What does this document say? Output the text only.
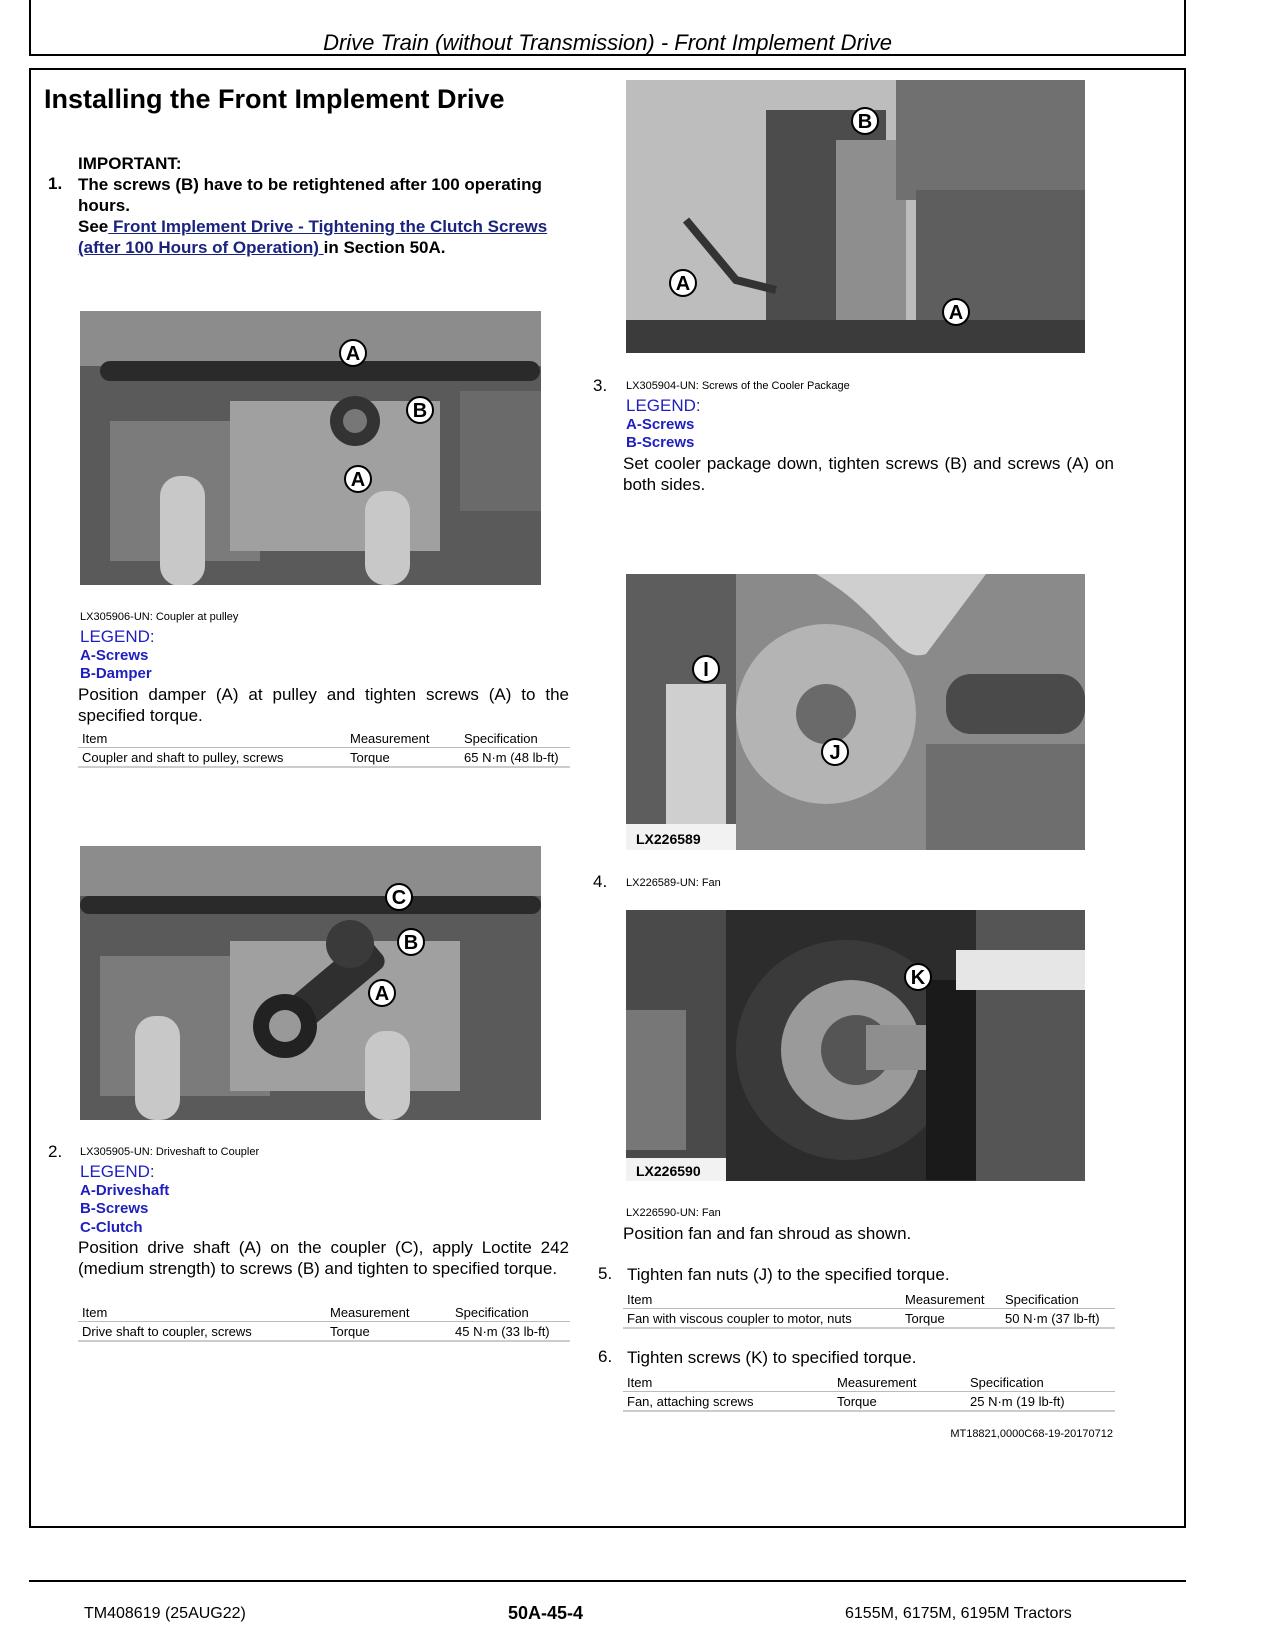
Drive Train (without Transmission) - Front Implement Drive
Installing the Front Implement Drive
IMPORTANT:
1. The screws (B) have to be retightened after 100 operating hours.
See Front Implement Drive - Tightening the Clutch Screws (after 100 Hours of Operation) in Section 50A.
A
B
A
LX305906-UN: Coupler at pulley
LEGEND:
A-Screws
B-Damper
Position damper (A) at pulley and tighten screws (A) to the specified torque.
Item	Measurement	Specification
Coupler and shaft to pulley, screws	Torque	65 N·m (48 lb-ft)
C
B
A
2. LX305905-UN: Driveshaft to Coupler
LEGEND:
A-Driveshaft
B-Screws
C-Clutch
Position drive shaft (A) on the coupler (C), apply Loctite 242 (medium strength) to screws (B) and tighten to specified torque.
Item	Measurement	Specification
Drive shaft to coupler, screws	Torque	45 N·m (33 lb-ft)
B
A
A
3. LX305904-UN: Screws of the Cooler Package
LEGEND:
A-Screws
B-Screws
Set cooler package down, tighten screws (B) and screws (A) on both sides.
LX226589
I
J
4. LX226589-UN: Fan
LX226590
K
LX226590-UN: Fan
Position fan and fan shroud as shown.
5. Tighten fan nuts (J) to the specified torque.
Item	Measurement	Specification
Fan with viscous coupler to motor, nuts	Torque	50 N·m (37 lb-ft)
6. Tighten screws (K) to specified torque.
Item	Measurement	Specification
Fan, attaching screws	Torque	25 N·m (19 lb-ft)
MT18821,0000C68-19-20170712
TM408619 (25AUG22)	50A-45-4	6155M, 6175M, 6195M Tractors
